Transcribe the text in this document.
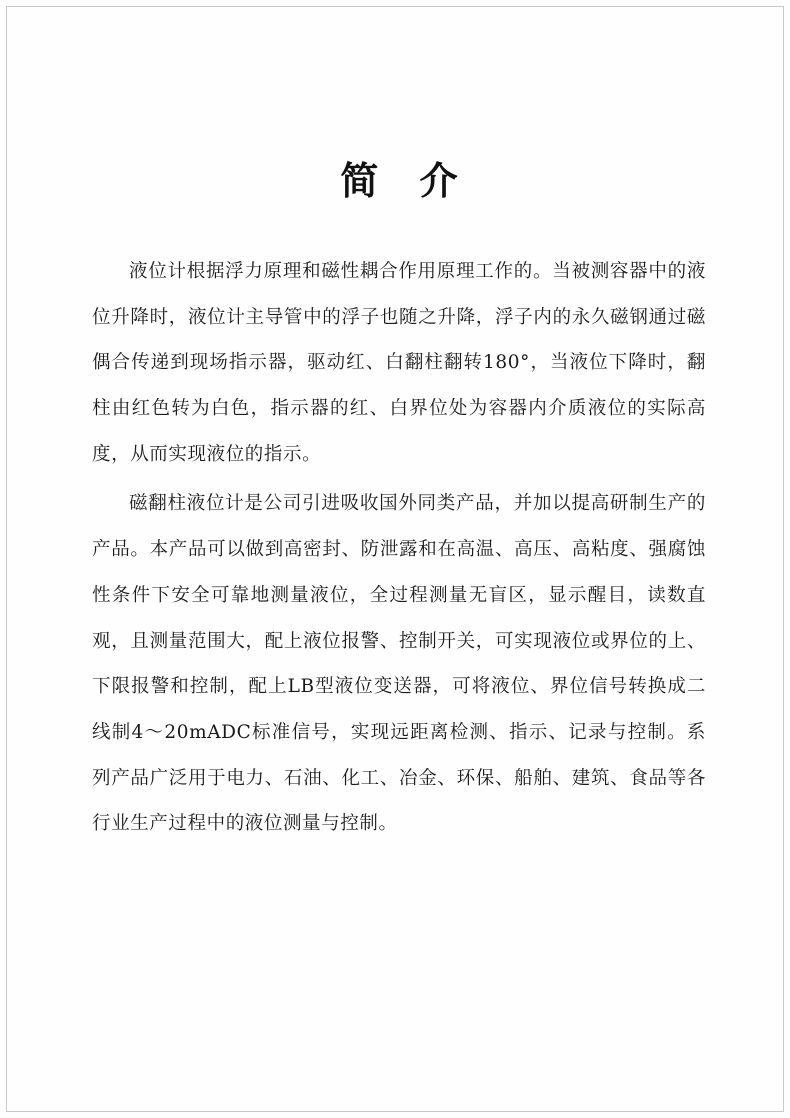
简 介

液位计根据浮力原理和磁性耦合作用原理工作的。当被测容器中的液位升降时，液位计主导管中的浮子也随之升降，浮子内的永久磁钢通过磁偶合传递到现场指示器，驱动红、白翻柱翻转180°，当液位下降时，翻柱由红色转为白色，指示器的红、白界位处为容器内介质液位的实际高度，从而实现液位的指示。

磁翻柱液位计是公司引进吸收国外同类产品，并加以提高研制生产的产品。本产品可以做到高密封、防泄露和在高温、高压、高粘度、强腐蚀性条件下安全可靠地测量液位，全过程测量无盲区，显示醒目，读数直观，且测量范围大，配上液位报警、控制开关，可实现液位或界位的上、下限报警和控制，配上LB型液位变送器，可将液位、界位信号转换成二线制4～20mADC标准信号，实现远距离检测、指示、记录与控制。系列产品广泛用于电力、石油、化工、冶金、环保、船舶、建筑、食品等各行业生产过程中的液位测量与控制。
